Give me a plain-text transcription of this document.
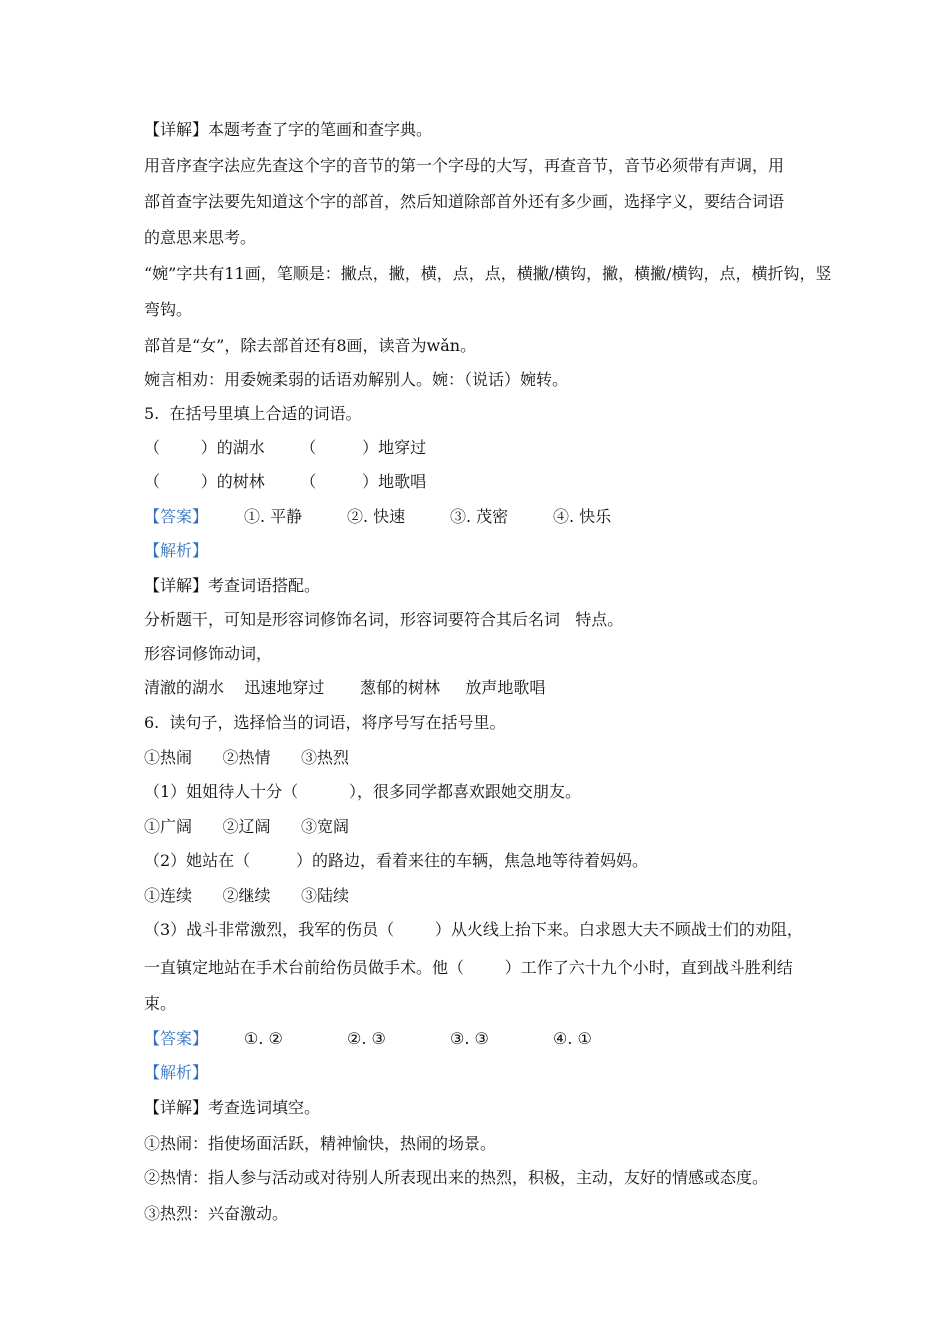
【详解】本题考查了字的笔画和查字典。

用音序查字法应先查这个字的音节的第一个字母的大写，再查音节，音节必须带有声调，用

部首查字法要先知道这个字的部首，然后知道除部首外还有多少画，选择字义，要结合词语

的意思来思考。

“婉”字共有11画，笔顺是：撇点，撇，横，点，点，横撇/横钩，撇，横撇/横钩，点，横折钩，竖

弯钩。

部首是“女”，除去部首还有8画，读音为wǎn。

婉言相劝：用委婉柔弱的话语劝解别人。婉：（说话）婉转。

5.  在括号里填上合适的词语。

（        ）的湖水       （         ）地穿过

（        ）的树林       （         ）地歌唱

【详解】考查词语搭配。

分析题干，可知是形容词修饰名词，形容词要符合其后名词   特点。

形容词修饰动词，

清澈的湖水    迅速地穿过       葱郁的树林     放声地歌唱

6.  读句子，选择恰当的词语，将序号写在括号里。

①热闹      ②热情      ③热烈

（1）姐姐待人十分（          ），很多同学都喜欢跟她交朋友。

①广阔      ②辽阔      ③宽阔

（2）她站在（         ）的路边，看着来往的车辆，焦急地等待着妈妈。

①连续      ②继续      ③陆续

（3）战斗非常激烈，我军的伤员（        ）从火线上抬下来。白求恩大夫不顾战士们的劝阻，

一直镇定地站在手术台前给伤员做手术。他（        ）工作了六十九个小时，直到战斗胜利结

束。

【详解】考查选词填空。

①热闹：指使场面活跃，精神愉快，热闹的场景。

②热情：指人参与活动或对待别人所表现出来的热烈，积极，主动，友好的情感或态度。

③热烈：兴奋激动。

【答案】 ①. 平静	②. 快速	③. 茂密	④. 快乐

【答案】 ①. ②	②. ③	③. ③	④. ①

【解析】

【解析】
